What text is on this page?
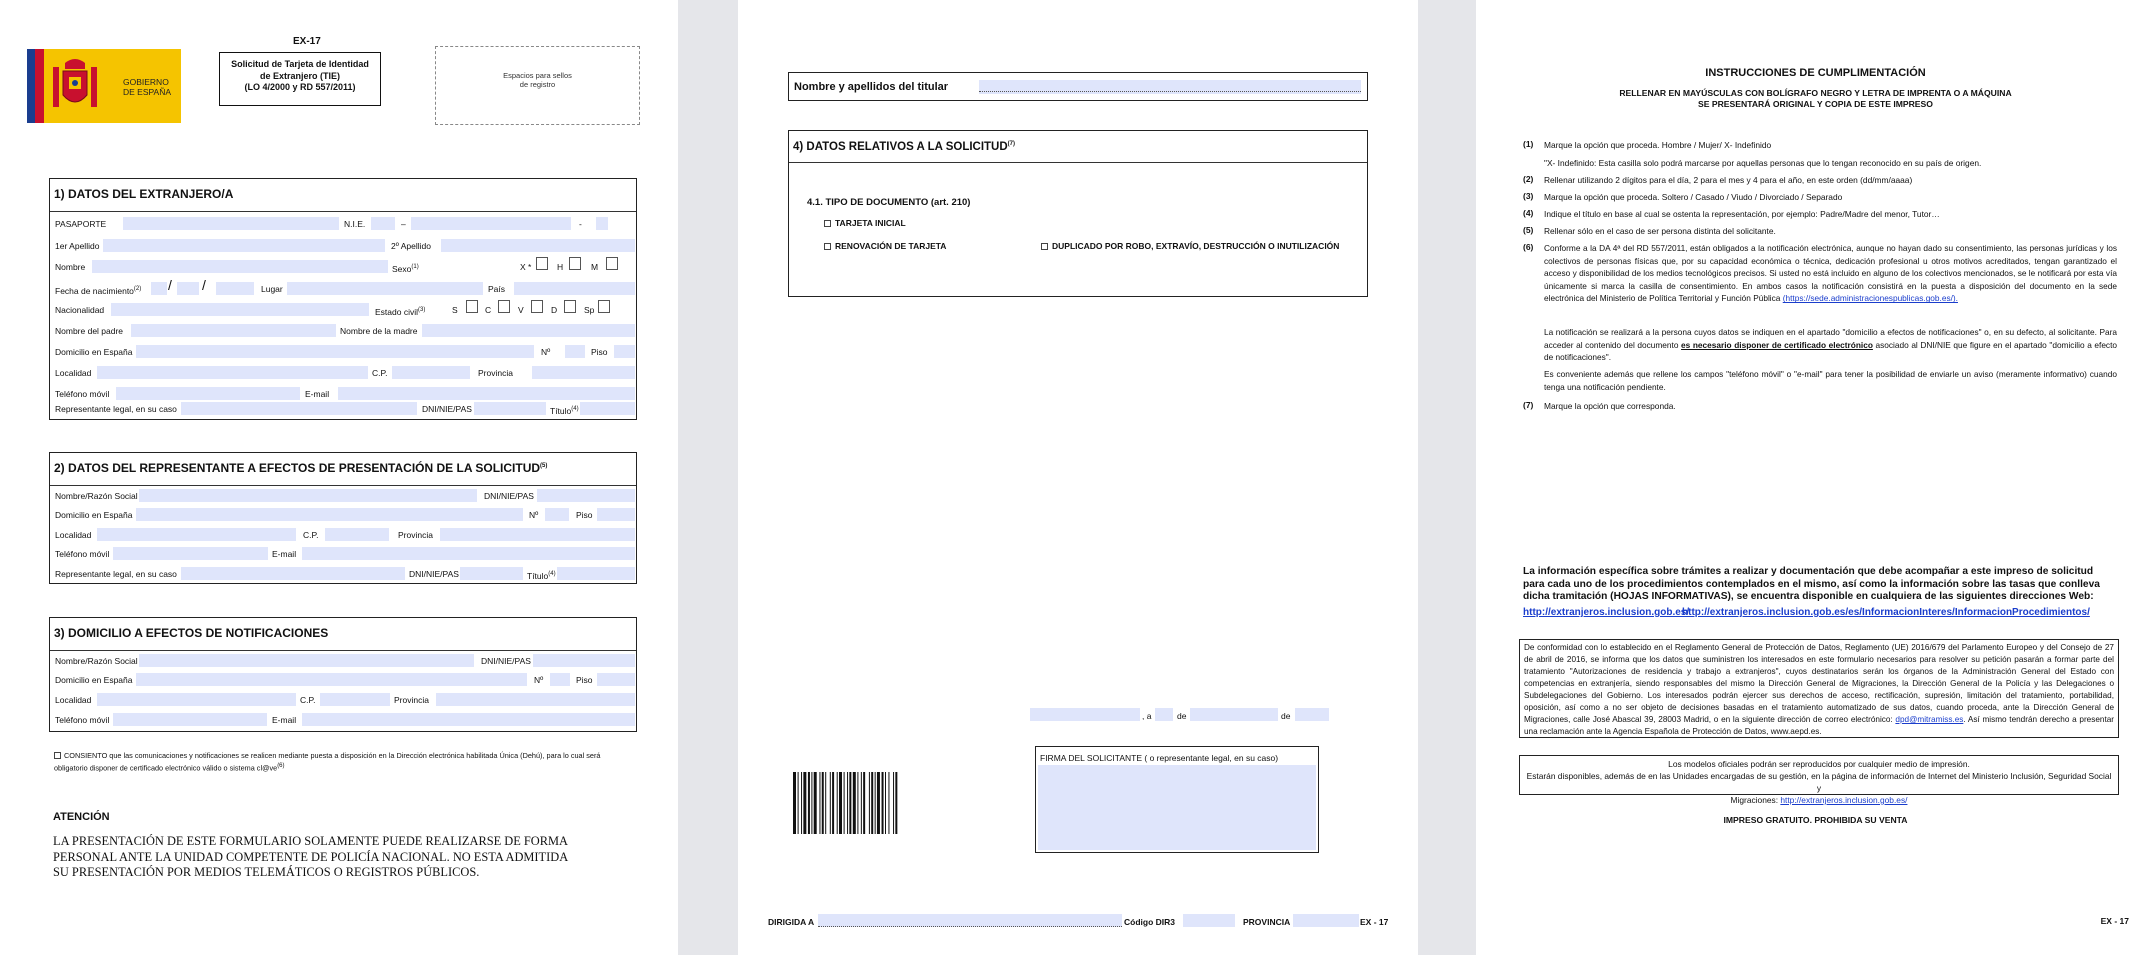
EX-17
GOBIERNO
DE ESPAÑA
Solicitud de Tarjeta de Identidad
de Extranjero (TIE)
(LO 4/2000 y RD 557/2011)
Espacios para sellos
de registro
1) DATOS DEL EXTRANJERO/A
PASAPORTE	N.I.E.	–	-
1er Apellido	2º Apellido
Nombre	Sexo$^{(1)}$	X *	H	M
Fecha de nacimiento$^{(2)}$ / /	Lugar	País
Nacionalidad	Estado civil$^{(3)}$	S	C	V	D	Sp
Nombre del padre	Nombre de la madre
Domicilio en España	Nº	Piso
Localidad	C.P.	Provincia
Teléfono móvil	E-mail
Representante legal, en su caso	DNI/NIE/PAS	Título$^{(4)}$
2) DATOS DEL REPRESENTANTE A EFECTOS DE PRESENTACIÓN DE LA SOLICITUD$^{(5)}$
Nombre/Razón Social	DNI/NIE/PAS
Domicilio en España	Nº	Piso
Localidad	C.P.	Provincia
Teléfono móvil	E-mail
Representante legal, en su caso	DNI/NIE/PAS	Título$^{(4)}$
3) DOMICILIO A EFECTOS DE NOTIFICACIONES
Nombre/Razón Social	DNI/NIE/PAS
Domicilio en España	Nº	Piso
Localidad	C.P.	Provincia
Teléfono móvil	E-mail
CONSIENTO que las comunicaciones y notificaciones se realicen mediante puesta a disposición en la Dirección electrónica habilitada Única (Dehú), para lo cual será
obligatorio disponer de certificado electrónico válido o sistema $cl@ve^{(6)}$
ATENCIÓN
LA PRESENTACIÓN DE ESTE FORMULARIO SOLAMENTE PUEDE REALIZARSE DE FORMA
PERSONAL ANTE LA UNIDAD COMPETENTE DE POLICÍA NACIONAL. NO ESTA ADMITIDA
SU PRESENTACIÓN POR MEDIOS TELEMÁTICOS O REGISTROS PÚBLICOS.
Nombre y apellidos del titular
4) DATOS RELATIVOS A LA SOLICITUD$^{(7)}$
4.1. TIPO DE DOCUMENTO (art. 210)
TARJETA INICIAL
RENOVACIÓN DE TARJETA	DUPLICADO POR ROBO, EXTRAVÍO, DESTRUCCIÓN O INUTILIZACIÓN
, a	de	de
FIRMA DEL SOLICITANTE ( o representante legal, en su caso)
DIRIGIDA A	Código DIR3	PROVINCIA	EX - 17
INSTRUCCIONES DE CUMPLIMENTACIÓN
RELLENAR EN MAYÚSCULAS CON BOLÍGRAFO NEGRO Y LETRA DE IMPRENTA O A MÁQUINA
SE PRESENTARÁ ORIGINAL Y COPIA DE ESTE IMPRESO
(1) Marque la opción que proceda. Hombre / Mujer/ X- Indefinido
"X- Indefinido: Esta casilla solo podrá marcarse por aquellas personas que lo tengan reconocido en su país de origen.
(2) Rellenar utilizando 2 dígitos para el día, 2 para el mes y 4 para el año, en este orden (dd/mm/aaaa)
(3) Marque la opción que proceda. Soltero / Casado / Viudo / Divorciado / Separado
(4) Indique el título en base al cual se ostenta la representación, por ejemplo: Padre/Madre del menor, Tutor…
(5) Rellenar sólo en el caso de ser persona distinta del solicitante.
(6) Conforme a la DA 4ª del RD 557/2011, están obligados a la notificación electrónica, aunque no hayan dado su consentimiento, las personas jurídicas y los colectivos de personas físicas que, por su capacidad económica o técnica, dedicación profesional u otros motivos acreditados, tengan garantizado el acceso y disponibilidad de los medios tecnológicos precisos. Si usted no está incluido en alguno de los colectivos mencionados, se le notificará por esta vía únicamente si marca la casilla de consentimiento. En ambos casos la notificación consistirá en la puesta a disposición del documento en la sede electrónica del Ministerio de Política Territorial y Función Pública (https://sede.administracionespublicas.gob.es/).
La notificación se realizará a la persona cuyos datos se indiquen en el apartado "domicilio a efectos de notificaciones" o, en su defecto, al solicitante. Para acceder al contenido del documento es necesario disponer de certificado electrónico asociado al DNI/NIE que figure en el apartado "domicilio a efecto de notificaciones".
Es conveniente además que rellene los campos "teléfono móvil" o "e-mail" para tener la posibilidad de enviarle un aviso (meramente informativo) cuando tenga una notificación pendiente.
(7) Marque la opción que corresponda.
La información específica sobre trámites a realizar y documentación que debe acompañar a este impreso de solicitud para cada uno de los procedimientos contemplados en el mismo, así como la información sobre las tasas que conlleva dicha tramitación (HOJAS INFORMATIVAS), se encuentra disponible en cualquiera de las siguientes direcciones Web:
http://extranjeros.inclusion.gob.es/
http://extranjeros.inclusion.gob.es/es/InformacionInteres/InformacionProcedimientos/
De conformidad con lo establecido en el Reglamento General de Protección de Datos, Reglamento (UE) 2016/679 del Parlamento Europeo y del Consejo de 27 de abril de 2016, se informa que los datos que suministren los interesados en este formulario necesarios para resolver su petición pasarán a formar parte del tratamiento "Autorizaciones de residencia y trabajo a extranjeros", cuyos destinatarios serán los órganos de la Administración General del Estado con competencias en extranjería, siendo responsables del mismo la Dirección General de Migraciones, la Dirección General de la Policía y las Delegaciones o Subdelegaciones del Gobierno. Los interesados podrán ejercer sus derechos de acceso, rectificación, supresión, limitación del tratamiento, portabilidad, oposición, así como a no ser objeto de decisiones basadas en el tratamiento automatizado de sus datos, cuando proceda, ante la Dirección General de Migraciones, calle José Abascal 39, 28003 Madrid, o en la siguiente dirección de correo electrónico: dpd@mitramiss.es. Así mismo tendrán derecho a presentar una reclamación ante la Agencia Española de Protección de Datos, www.aepd.es.
Los modelos oficiales podrán ser reproducidos por cualquier medio de impresión.
Estarán disponibles, además de en las Unidades encargadas de su gestión, en la página de información de Internet del Ministerio Inclusión, Seguridad Social y
Migraciones: http://extranjeros.inclusion.gob.es/
IMPRESO GRATUITO. PROHIBIDA SU VENTA
EX - 17
